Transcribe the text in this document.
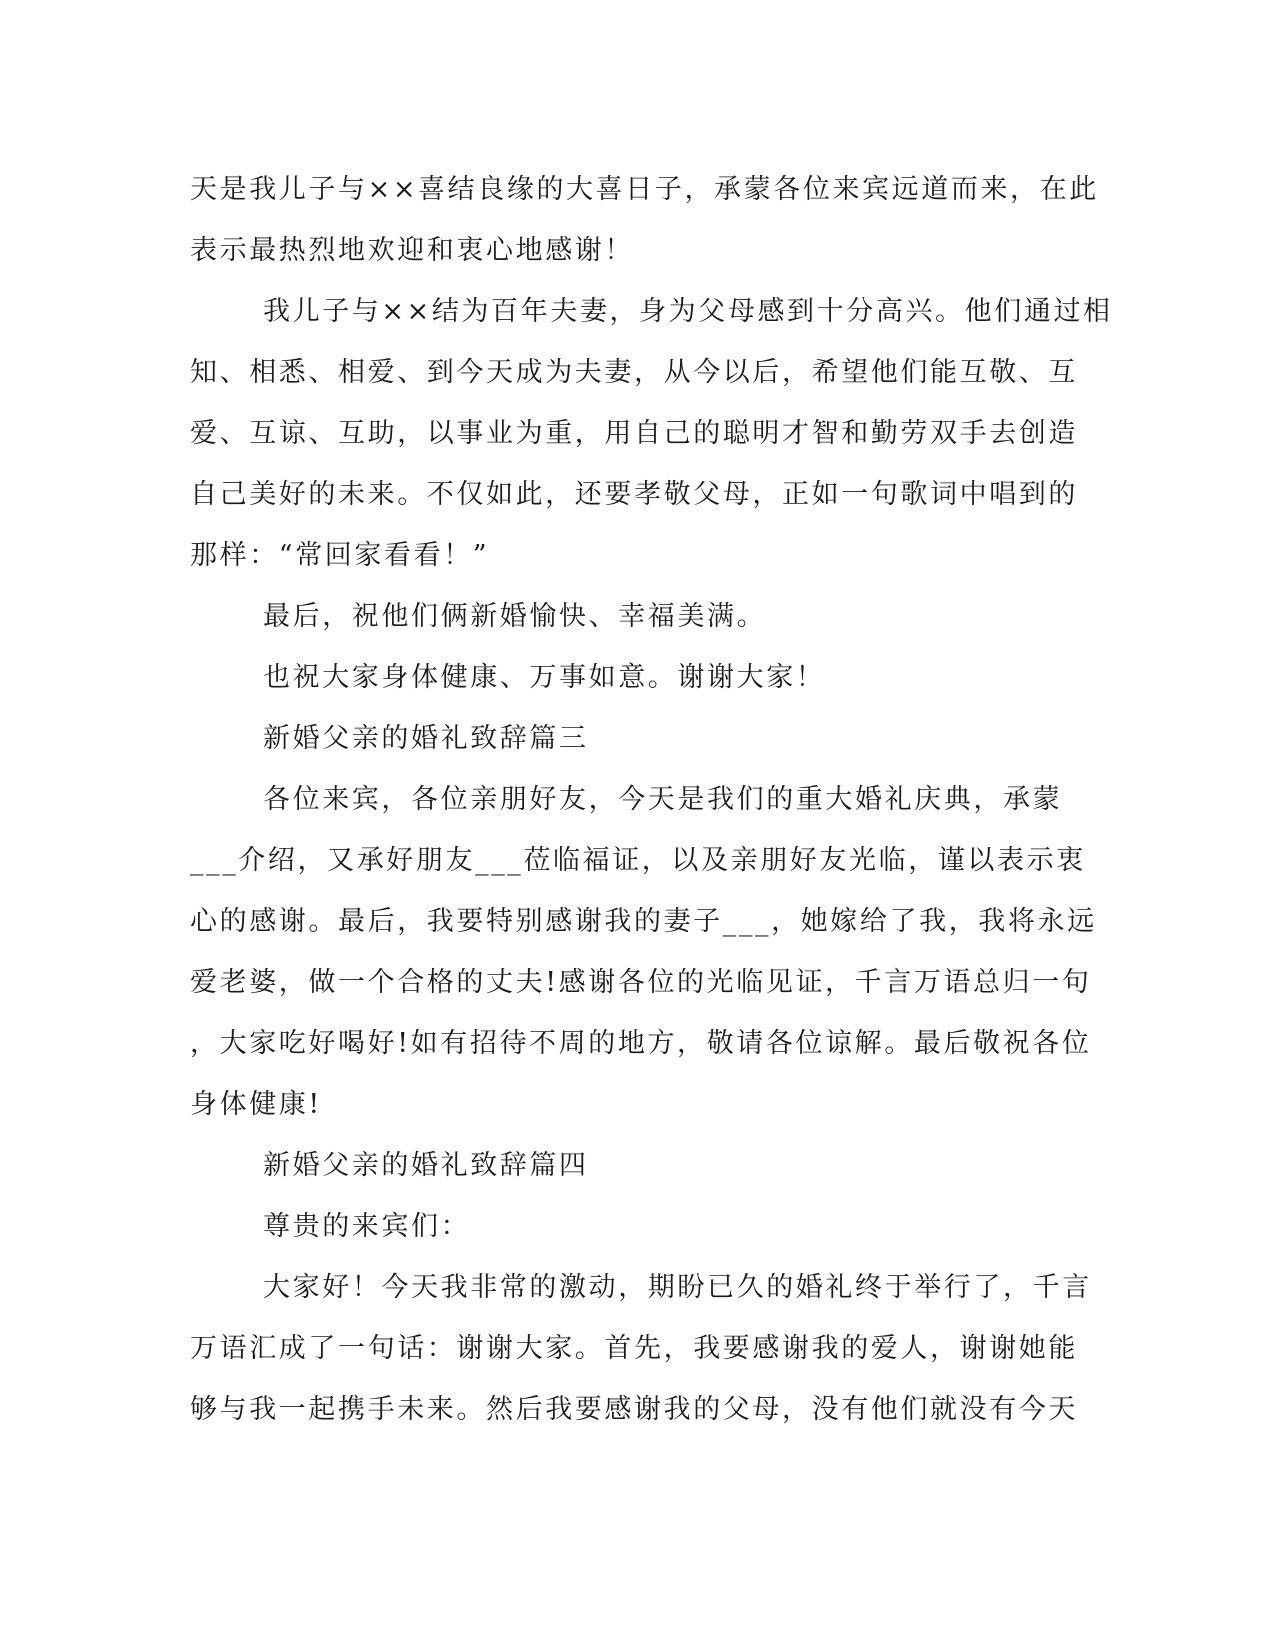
天是我儿子与××喜结良缘的大喜日子，承蒙各位来宾远道而来，在此
表示最热烈地欢迎和衷心地感谢！
我儿子与××结为百年夫妻，身为父母感到十分高兴。他们通过相
知、相悉、相爱、到今天成为夫妻，从今以后，希望他们能互敬、互
爱、互谅、互助，以事业为重，用自己的聪明才智和勤劳双手去创造
自己美好的未来。不仅如此，还要孝敬父母，正如一句歌词中唱到的
那样：“常回家看看！”
最后，祝他们俩新婚愉快、幸福美满。
也祝大家身体健康、万事如意。谢谢大家！
新婚父亲的婚礼致辞篇三
各位来宾，各位亲朋好友，今天是我们的重大婚礼庆典，承蒙
___介绍，又承好朋友___莅临福证，以及亲朋好友光临，谨以表示衷
心的感谢。最后，我要特别感谢我的妻子___，她嫁给了我，我将永远
爱老婆，做一个合格的丈夫!感谢各位的光临见证，千言万语总归一句
，大家吃好喝好!如有招待不周的地方，敬请各位谅解。最后敬祝各位
身体健康!
新婚父亲的婚礼致辞篇四
尊贵的来宾们：
大家好！今天我非常的激动，期盼已久的婚礼终于举行了，千言
万语汇成了一句话：谢谢大家。首先，我要感谢我的爱人，谢谢她能
够与我一起携手未来。然后我要感谢我的父母，没有他们就没有今天
